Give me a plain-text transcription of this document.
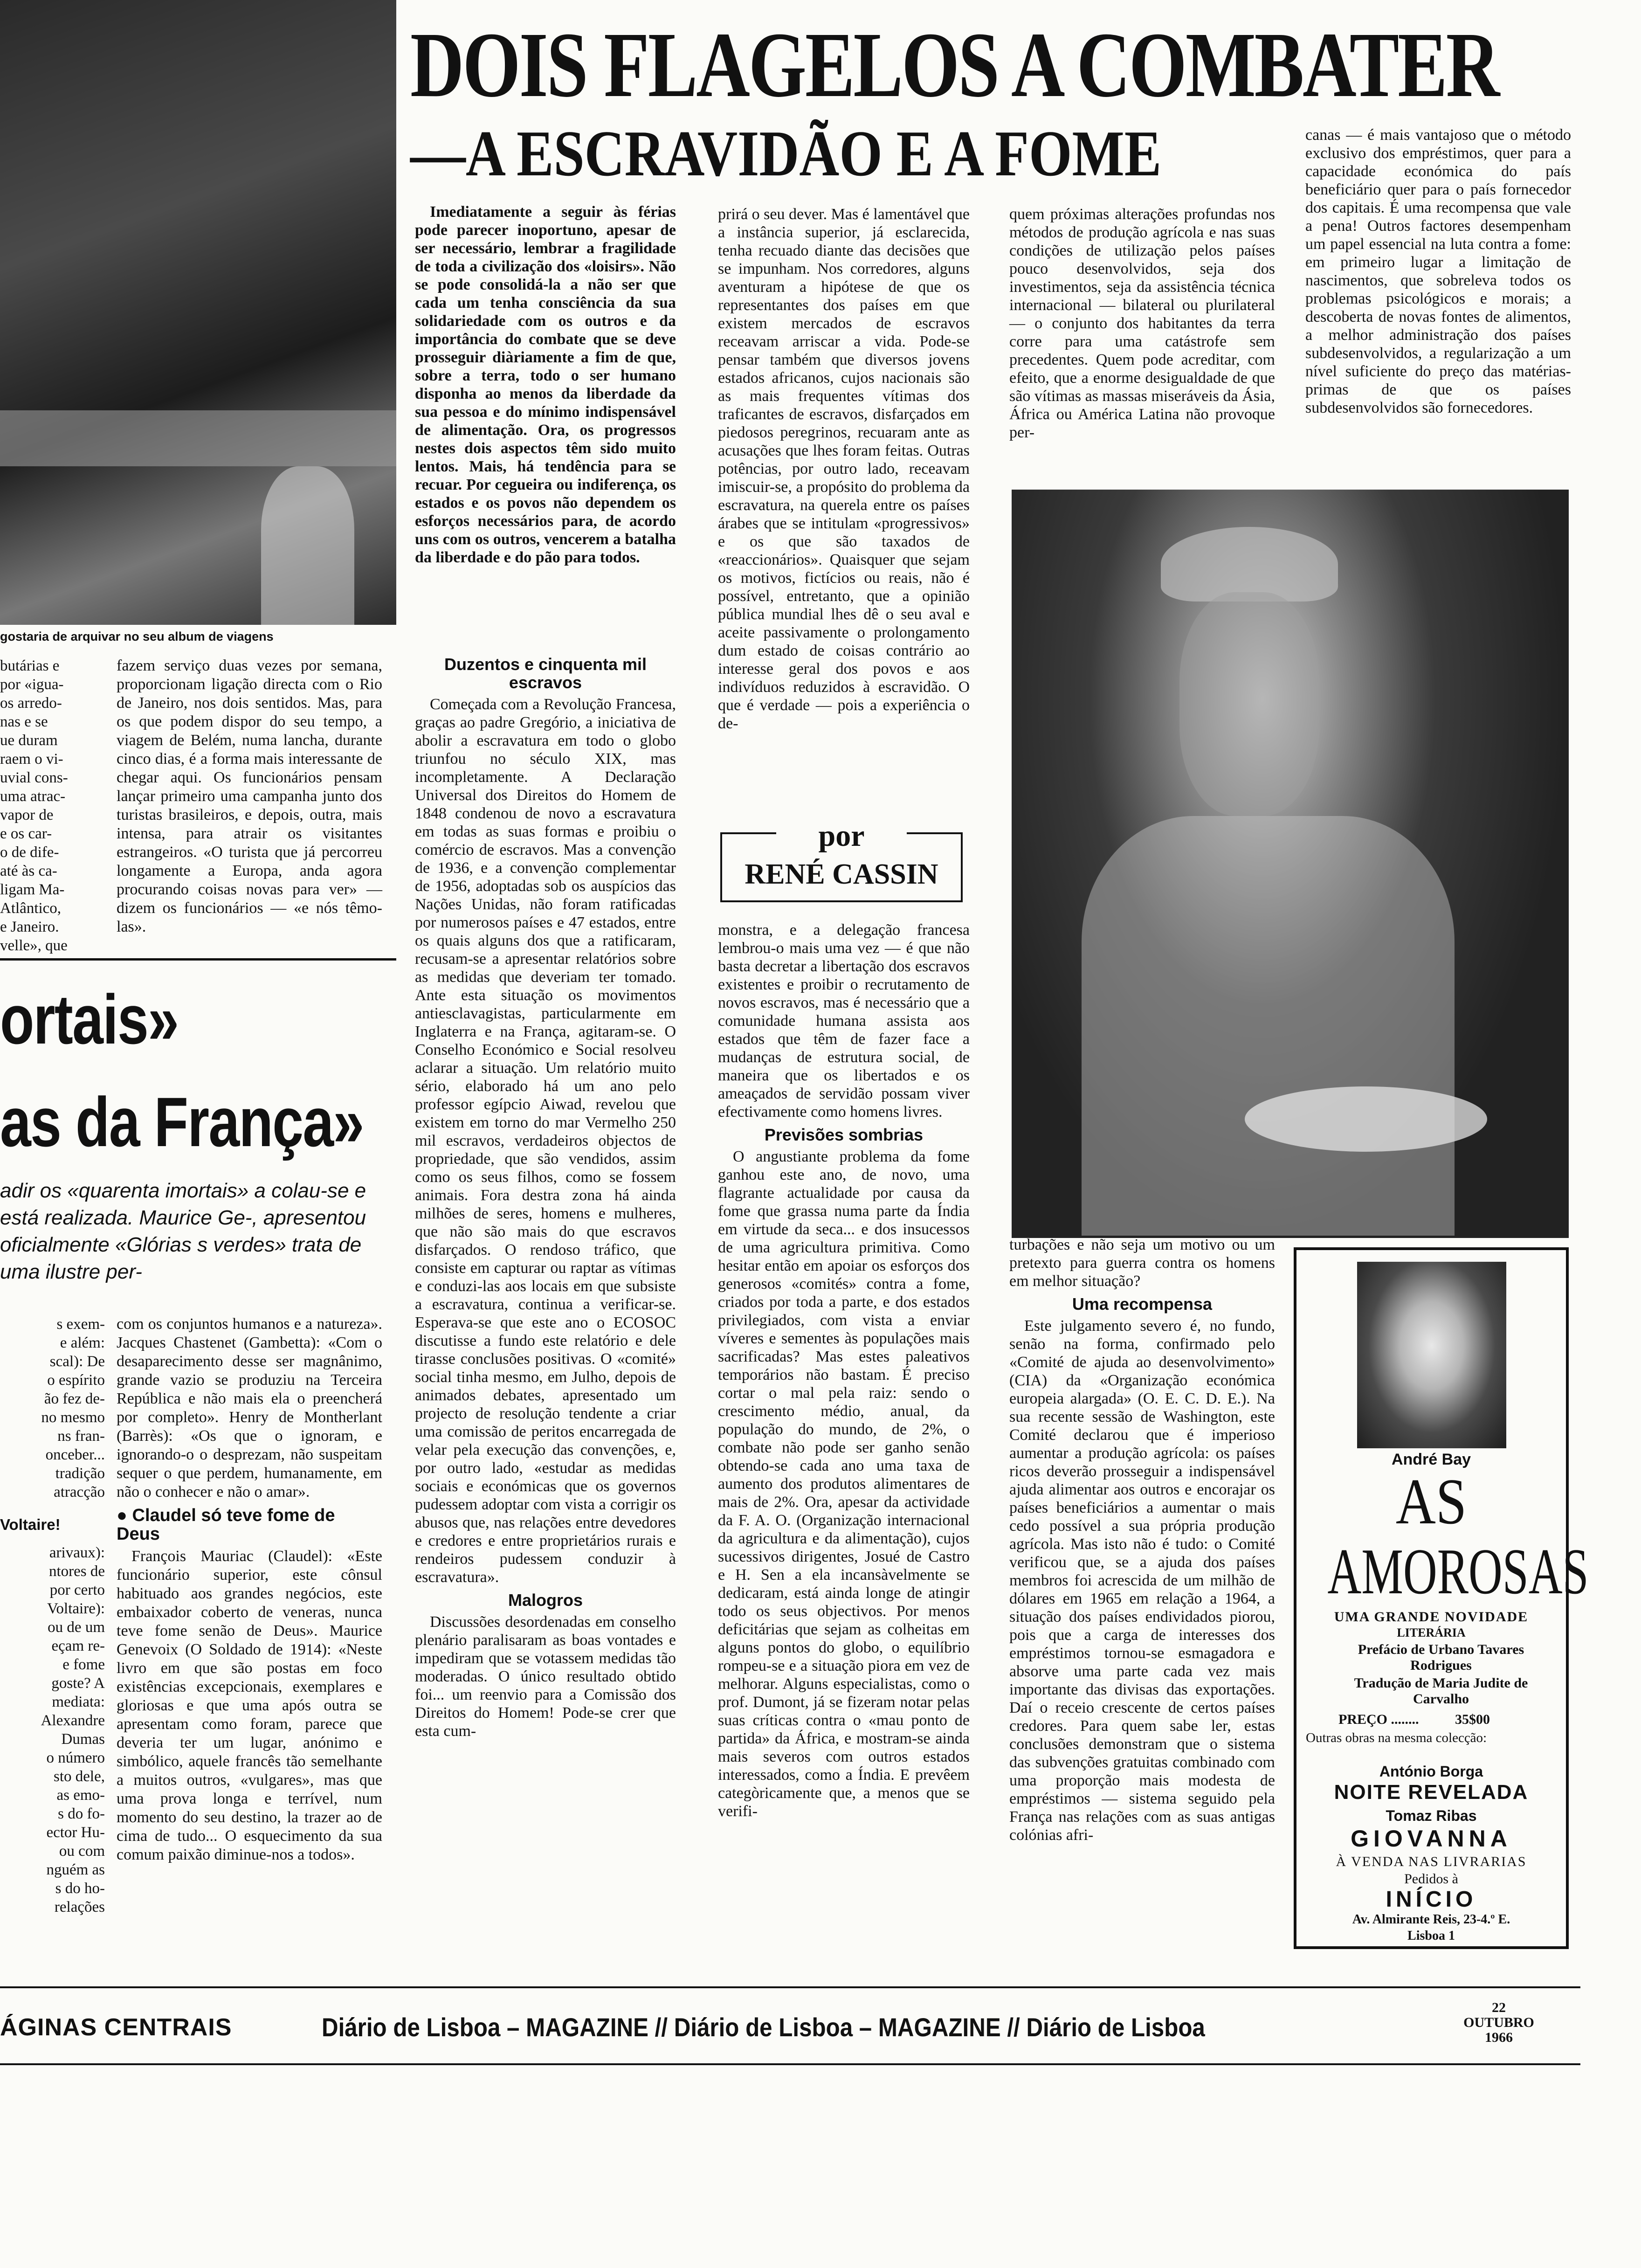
gostaria de arquivar no seu album de viagens
butárias e
por «igua-
os arredo-
nas e se
ue duram
raem o vi-
uvial cons-
uma atrac-
vapor de
e os car-
o de dife-
até às ca-
ligam Ma-
Atlântico,
e Janeiro.
velle», que

fazem serviço duas vezes por semana, proporcionam ligação directa com o Rio de Janeiro, nos dois sentidos. Mas, para os que podem dispor do seu tempo, a viagem de Belém, numa lancha, durante cinco dias, é a forma mais interessante de chegar aqui. Os funcionários pensam lançar primeiro uma campanha junto dos turistas brasileiros, e depois, outra, mais intensa, para atrair os visitantes estrangeiros. «O turista que já percorreu longamente a Europa, anda agora procurando coisas novas para ver» — dizem os funcionários — «e nós têmo-las».

ortais»
as da França»
adir os «quarenta imortais» a colau-se e está realizada. Maurice Ge-, apresentou oficialmente «Glórias s verdes» trata de uma ilustre per-
s exem-
e além:
scal): De
o espírito
ão fez de-
no mesmo
ns fran-
onceber...
tradição
atracção
Voltaire!
arivaux):
ntores de
por certo
Voltaire):
ou de um
eçam re-
e fome
goste? A
mediata:
Alexandre
Dumas
o número
sto dele,
as emo-
s do fo-
ector Hu-
ou com
nguém as
s do ho-
relações

com os conjuntos humanos e a natureza». Jacques Chastenet (Gambetta): «Com o desaparecimento desse ser magnânimo, grande vazio se produziu na Terceira República e não mais ela o preencherá por completo». Henry de Montherlant (Barrès): «Os que o ignoram, e ignorando-o o desprezam, não suspeitam sequer o que perdem, humanamente, em não o conhecer e não o amar».

● Claudel só teve fome de Deus

François Mauriac (Claudel): «Este funcionário superior, este cônsul habituado aos grandes negócios, este embaixador coberto de veneras, nunca teve fome senão de Deus». Maurice Genevoix (O Soldado de 1914): «Neste livro em que são postas em foco existências excepcionais, exemplares e gloriosas e que uma após outra se apresentam como foram, parece que deveria ter um lugar, anónimo e simbólico, aquele francês tão semelhante a muitos outros, «vulgares», mas que uma prova longa e terrível, num momento do seu destino, la trazer ao de cima de tudo... O esquecimento da sua comum paixão diminue-nos a todos».

DOIS FLAGELOS A COMBATER
—A ESCRAVIDÃO E A FOME

Imediatamente a seguir às férias pode parecer inoportuno, apesar de ser necessário, lembrar a fragilidade de toda a civilização dos «loisirs». Não se pode consolidá-la a não ser que cada um tenha consciência da sua solidariedade com os outros e da importância do combate que se deve prosseguir diàriamente a fim de que, sobre a terra, todo o ser humano disponha ao menos da liberdade da sua pessoa e do mínimo indispensável de alimentação. Ora, os progressos nestes dois aspectos têm sido muito lentos. Mais, há tendência para se recuar. Por cegueira ou indiferença, os estados e os povos não dependem os esforços necessários para, de acordo uns com os outros, vencerem a batalha da liberdade e do pão para todos.

Duzentos e cinquenta mil escravos

Começada com a Revolução Francesa, graças ao padre Gregório, a iniciativa de abolir a escravatura em todo o globo triunfou no século XIX, mas incompletamente. A Declaração Universal dos Direitos do Homem de 1848 condenou de novo a escravatura em todas as suas formas e proibiu o comércio de escravos. Mas a convenção de 1936, e a convenção complementar de 1956, adoptadas sob os auspícios das Nações Unidas, não foram ratificadas por numerosos países e 47 estados, entre os quais alguns dos que a ratificaram, recusam-se a apresentar relatórios sobre as medidas que deveriam ter tomado. Ante esta situação os movimentos antiesclavagistas, particularmente em Inglaterra e na França, agitaram-se. O Conselho Económico e Social resolveu aclarar a situação. Um relatório muito sério, elaborado há um ano pelo professor egípcio Aiwad, revelou que existem em torno do mar Vermelho 250 mil escravos, verdadeiros objectos de propriedade, que são vendidos, assim como os seus filhos, como se fossem animais. Fora destra zona há ainda milhões de seres, homens e mulheres, que não são mais do que escravos disfarçados. O rendoso tráfico, que consiste em capturar ou raptar as vítimas e conduzi-las aos locais em que subsiste a escravatura, continua a verificar-se. Esperava-se que este ano o ECOSOC discutisse a fundo este relatório e dele tirasse conclusões positivas. O «comité» social tinha mesmo, em Julho, depois de animados debates, apresentado um projecto de resolução tendente a criar uma comissão de peritos encarregada de velar pela execução das convenções, e, por outro lado, «estudar as medidas sociais e económicas que os governos pudessem adoptar com vista a corrigir os abusos que, nas relações entre devedores e credores e entre proprietários rurais e rendeiros pudessem conduzir à escravatura».

Malogros

Discussões desordenadas em conselho plenário paralisaram as boas vontades e impediram que se votassem medidas tão moderadas. O único resultado obtido foi... um reenvio para a Comissão dos Direitos do Homem! Pode-se crer que esta cum-

prirá o seu dever. Mas é lamentável que a instância superior, já esclarecida, tenha recuado diante das decisões que se impunham. Nos corredores, alguns aventuram a hipótese de que os representantes dos países em que existem mercados de escravos receavam arriscar a vida. Pode-se pensar também que diversos jovens estados africanos, cujos nacionais são as mais frequentes vítimas dos traficantes de escravos, disfarçados em piedosos peregrinos, recuaram ante as acusações que lhes foram feitas. Outras potências, por outro lado, receavam imiscuir-se, a propósito do problema da escravatura, na querela entre os países árabes que se intitulam «progressivos» e os que são taxados de «reaccionários». Quaisquer que sejam os motivos, fictícios ou reais, não é possível, entretanto, que a opinião pública mundial lhes dê o seu aval e aceite passivamente o prolongamento dum estado de coisas contrário ao interesse geral dos povos e aos indivíduos reduzidos à escravidão. O que é verdade — pois a experiência o de-

por
RENÉ CASSIN

monstra, e a delegação francesa lembrou-o mais uma vez — é que não basta decretar a libertação dos escravos existentes e proibir o recrutamento de novos escravos, mas é necessário que a comunidade humana assista aos estados que têm de fazer face a mudanças de estrutura social, de maneira que os libertados e os ameaçados de servidão possam viver efectivamente como homens livres.

Previsões sombrias

O angustiante problema da fome ganhou este ano, de novo, uma flagrante actualidade por causa da fome que grassa numa parte da Índia em virtude da seca... e dos insucessos de uma agricultura primitiva. Como hesitar então em apoiar os esforços dos generosos «comités» contra a fome, criados por toda a parte, e dos estados privilegiados, com vista a enviar víveres e sementes às populações mais sacrificadas? Mas estes paleativos temporários não bastam. É preciso cortar o mal pela raiz: sendo o crescimento médio, anual, da população do mundo, de 2%, o combate não pode ser ganho senão obtendo-se cada ano uma taxa de aumento dos produtos alimentares de mais de 2%. Ora, apesar da actividade da F. A. O. (Organização internacional da agricultura e da alimentação), cujos sucessivos dirigentes, Josué de Castro e H. Sen a ela incansàvelmente se dedicaram, está ainda longe de atingir todo os seus objectivos. Por menos deficitárias que sejam as colheitas em alguns pontos do globo, o equilíbrio rompeu-se e a situação piora em vez de melhorar. Alguns especialistas, como o prof. Dumont, já se fizeram notar pelas suas críticas contra o «mau ponto de partida» da África, e mostram-se ainda mais severos com outros estados interessados, como a Índia. E prevêem categòricamente que, a menos que se verifi-

quem próximas alterações profundas nos métodos de produção agrícola e nas suas condições de utilização pelos países pouco desenvolvidos, seja dos investimentos, seja da assistência técnica internacional — bilateral ou plurilateral — o conjunto dos habitantes da terra corre para uma catástrofe sem precedentes. Quem pode acreditar, com efeito, que a enorme desigualdade de que são vítimas as massas miseráveis da Ásia, África ou América Latina não provoque per-

canas — é mais vantajoso que o método exclusivo dos empréstimos, quer para a capacidade económica do país beneficiário quer para o país fornecedor dos capitais. É uma recompensa que vale a pena! Outros factores desempenham um papel essencial na luta contra a fome: em primeiro lugar a limitação de nascimentos, que sobreleva todos os problemas psicológicos e morais; a descoberta de novas fontes de alimentos, a melhor administração dos países subdesenvolvidos, a regularização a um nível suficiente do preço das matérias-primas de que os países subdesenvolvidos são fornecedores.

turbações e não seja um motivo ou um pretexto para guerra contra os homens em melhor situação?

Uma recompensa

Este julgamento severo é, no fundo, senão na forma, confirmado pelo «Comité de ajuda ao desenvolvimento» (CIA) da «Organização económica europeia alargada» (O. E. C. D. E.). Na sua recente sessão de Washington, este Comité declarou que é imperioso aumentar a produção agrícola: os países ricos deverão prosseguir a indispensável ajuda alimentar aos outros e encorajar os países beneficiários a aumentar o mais cedo possível a sua própria produção agrícola. Mas isto não é tudo: o Comité verificou que, se a ajuda dos países membros foi acrescida de um milhão de dólares em 1965 em relação a 1964, a situação dos países endividados piorou, pois que a carga de interesses dos empréstimos tornou-se esmagadora e absorve uma parte cada vez mais importante das divisas das exportações. Daí o receio crescente de certos países credores. Para quem sabe ler, estas conclusões demonstram que o sistema das subvenções gratuitas combinado com uma proporção mais modesta de empréstimos — sistema seguido pela França nas relações com as suas antigas colónias afri-

André Bay
AS
AMOROSAS
UMA GRANDE NOVIDADE
LITERÁRIA
Prefácio de Urbano Tavares Rodrigues
Tradução de Maria Judite de Carvalho
PREÇO ........	35$00
Outras obras na mesma colecção:
António Borga
NOITE REVELADA
Tomaz Ribas
GIOVANNA
À VENDA NAS LIVRARIAS
Pedidos à
INÍCIO
Av. Almirante Reis, 23-4.º E.
Lisboa 1
ÁGINAS CENTRAIS	Diário de Lisboa – MAGAZINE // Diário de Lisboa – MAGAZINE // Diário de Lisboa
22
OUTUBRO
1966
